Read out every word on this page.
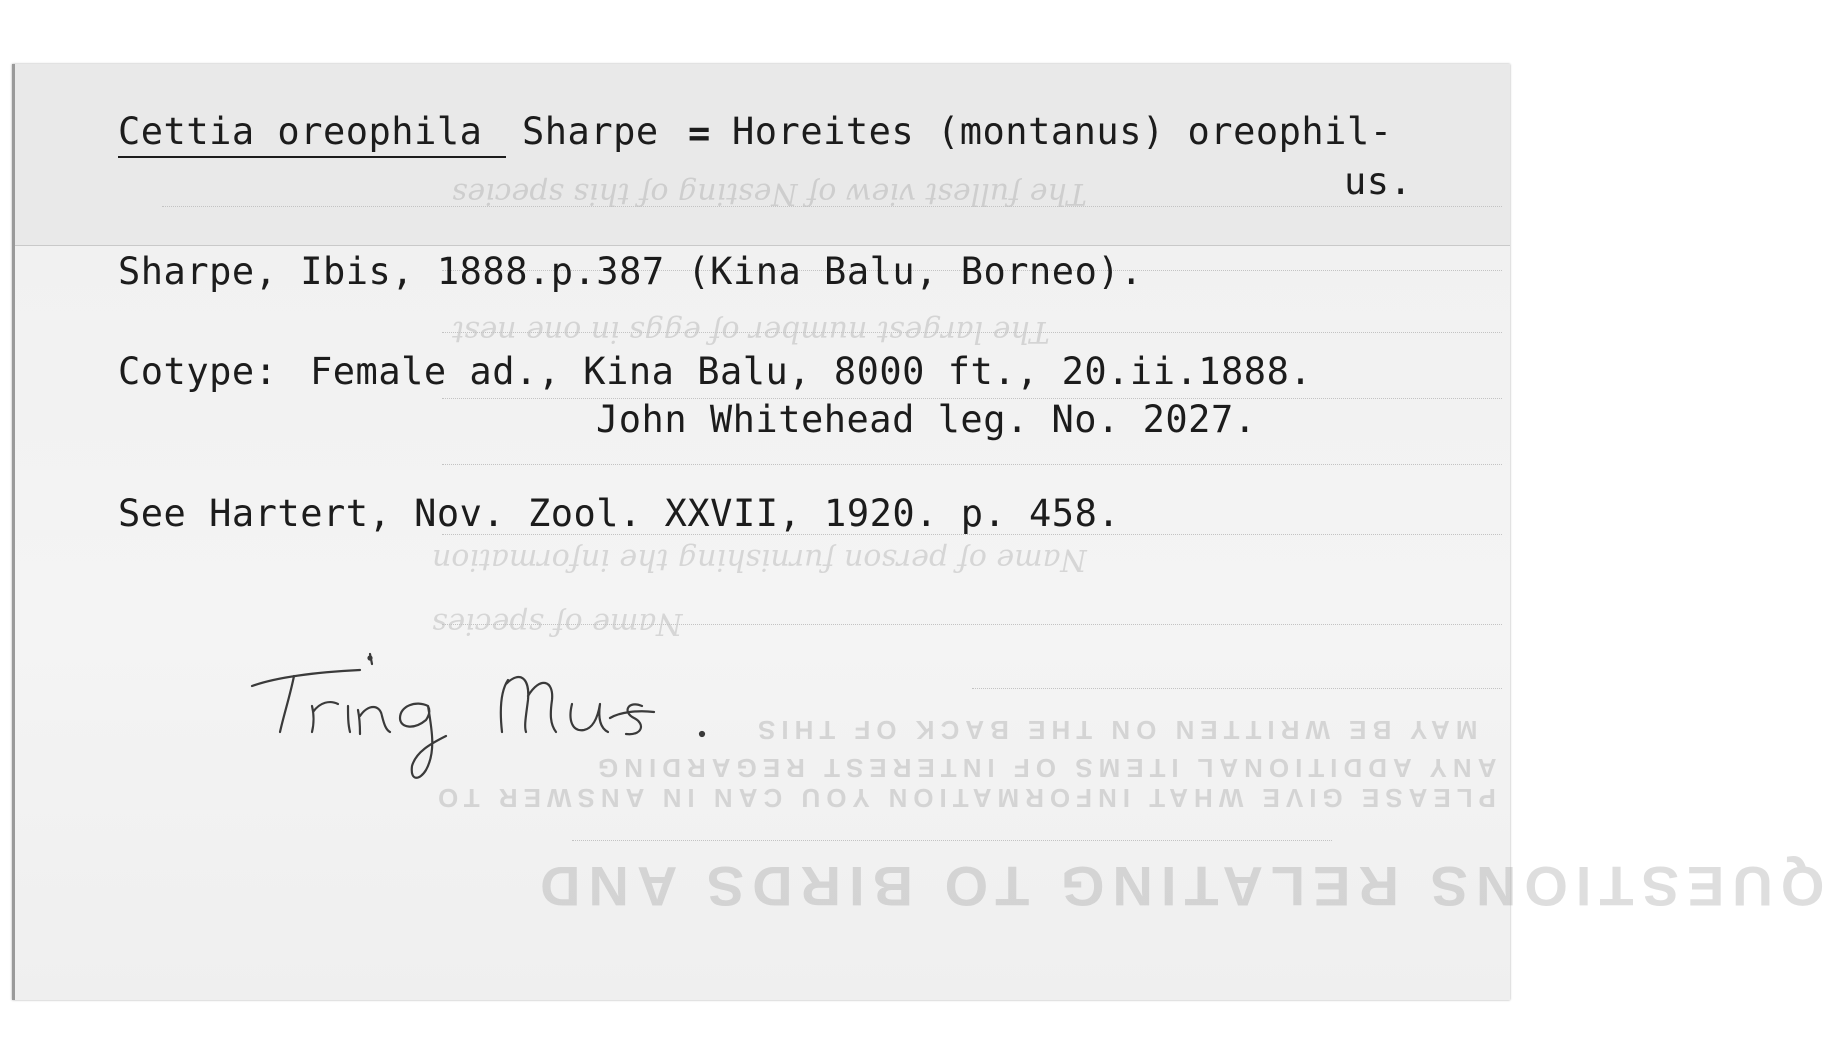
The fullest view of Nesting of this species
The largest number of eggs in one nest
Name of person furnishing the information
Name of species
MAY BE WRITTEN ON THE BACK OF THIS
ANY ADDITIONAL ITEMS OF INTEREST REGARDING
PLEASE GIVE WHAT INFORMATION YOU CAN IN ANSWER TO
QUESTIONS RELATING TO BIRDS AND
Cettia oreophila Sharpe = Horeites (montanus) oreophil-
us.
Sharpe, Ibis, 1888.p.387 (Kina Balu, Borneo).
Cotype: Female ad., Kina Balu, 8000 ft., 20.ii.1888.
John Whitehead leg. No. 2027.
See Hartert, Nov. Zool. XXVII, 1920. p. 458.
